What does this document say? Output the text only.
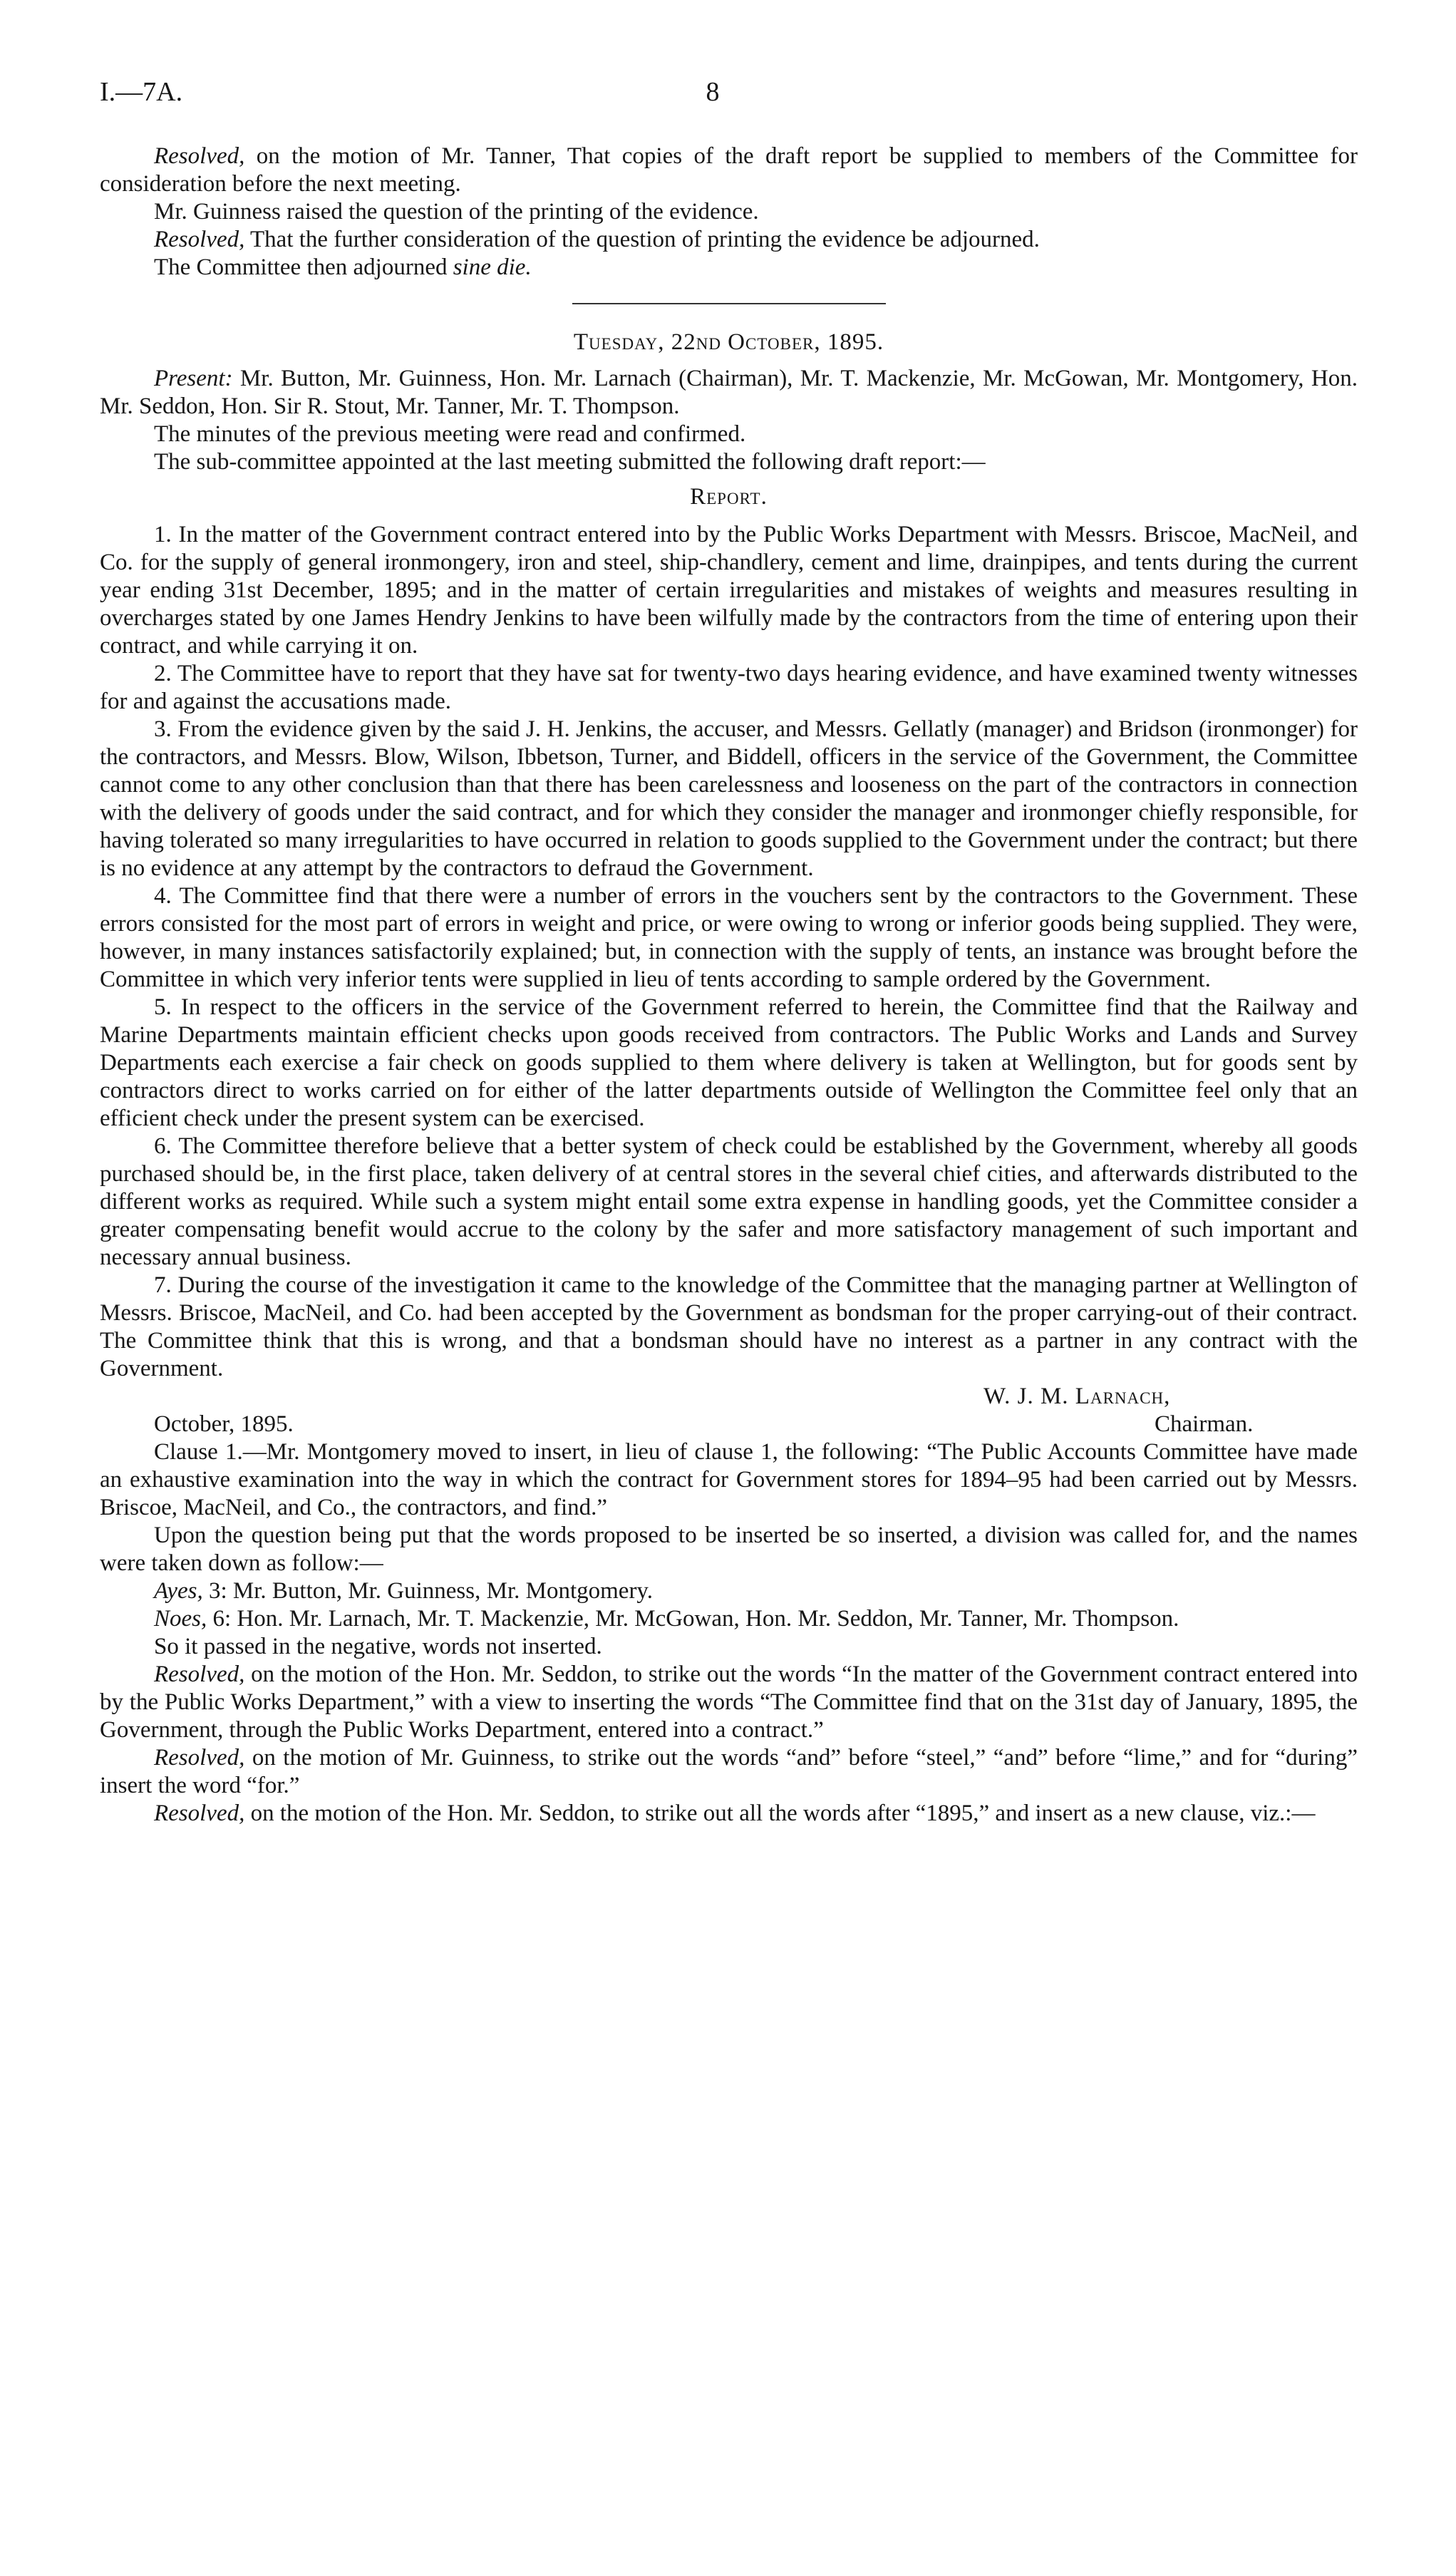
I.—7A.	8

Resolved, on the motion of Mr. Tanner, That copies of the draft report be supplied to members of the Committee for consideration before the next meeting.

Mr. Guinness raised the question of the printing of the evidence.

Resolved, That the further consideration of the question of printing the evidence be adjourned.

The Committee then adjourned sine die.

Tuesday, 22nd October, 1895.

Present: Mr. Button, Mr. Guinness, Hon. Mr. Larnach (Chairman), Mr. T. Mackenzie, Mr. McGowan, Mr. Montgomery, Hon. Mr. Seddon, Hon. Sir R. Stout, Mr. Tanner, Mr. T. Thompson.

The minutes of the previous meeting were read and confirmed.

The sub-committee appointed at the last meeting submitted the following draft report:—

Report.

1. In the matter of the Government contract entered into by the Public Works Department with Messrs. Briscoe, MacNeil, and Co. for the supply of general ironmongery, iron and steel, ship-chandlery, cement and lime, drainpipes, and tents during the current year ending 31st December, 1895; and in the matter of certain irregularities and mistakes of weights and measures resulting in overcharges stated by one James Hendry Jenkins to have been wilfully made by the contractors from the time of entering upon their contract, and while carrying it on.

2. The Committee have to report that they have sat for twenty-two days hearing evidence, and have examined twenty witnesses for and against the accusations made.

3. From the evidence given by the said J. H. Jenkins, the accuser, and Messrs. Gellatly (manager) and Bridson (ironmonger) for the contractors, and Messrs. Blow, Wilson, Ibbetson, Turner, and Biddell, officers in the service of the Government, the Committee cannot come to any other conclusion than that there has been carelessness and looseness on the part of the contractors in connection with the delivery of goods under the said contract, and for which they consider the manager and ironmonger chiefly responsible, for having tolerated so many irregularities to have occurred in relation to goods supplied to the Government under the contract; but there is no evidence at any attempt by the contractors to defraud the Government.

4. The Committee find that there were a number of errors in the vouchers sent by the contractors to the Government. These errors consisted for the most part of errors in weight and price, or were owing to wrong or inferior goods being supplied. They were, however, in many instances satisfactorily explained; but, in connection with the supply of tents, an instance was brought before the Committee in which very inferior tents were supplied in lieu of tents according to sample ordered by the Government.

5. In respect to the officers in the service of the Government referred to herein, the Committee find that the Railway and Marine Departments maintain efficient checks upon goods received from contractors. The Public Works and Lands and Survey Departments each exercise a fair check on goods supplied to them where delivery is taken at Wellington, but for goods sent by contractors direct to works carried on for either of the latter departments outside of Wellington the Committee feel only that an efficient check under the present system can be exercised.

6. The Committee therefore believe that a better system of check could be established by the Government, whereby all goods purchased should be, in the first place, taken delivery of at central stores in the several chief cities, and afterwards distributed to the different works as required. While such a system might entail some extra expense in handling goods, yet the Committee consider a greater compensating benefit would accrue to the colony by the safer and more satisfactory management of such important and necessary annual business.

7. During the course of the investigation it came to the knowledge of the Committee that the managing partner at Wellington of Messrs. Briscoe, MacNeil, and Co. had been accepted by the Government as bondsman for the proper carrying-out of their contract. The Committee think that this is wrong, and that a bondsman should have no interest as a partner in any contract with the Government.

W. J. M. Larnach,
Chairman.
October, 1895.

Clause 1.—Mr. Montgomery moved to insert, in lieu of clause 1, the following: “The Public Accounts Committee have made an exhaustive examination into the way in which the contract for Government stores for 1894–95 had been carried out by Messrs. Briscoe, MacNeil, and Co., the contractors, and find.”

Upon the question being put that the words proposed to be inserted be so inserted, a division was called for, and the names were taken down as follow:—

Ayes, 3: Mr. Button, Mr. Guinness, Mr. Montgomery.

Noes, 6: Hon. Mr. Larnach, Mr. T. Mackenzie, Mr. McGowan, Hon. Mr. Seddon, Mr. Tanner, Mr. Thompson.

So it passed in the negative, words not inserted.

Resolved, on the motion of the Hon. Mr. Seddon, to strike out the words “In the matter of the Government contract entered into by the Public Works Department,” with a view to inserting the words “The Committee find that on the 31st day of January, 1895, the Government, through the Public Works Department, entered into a contract.”

Resolved, on the motion of Mr. Guinness, to strike out the words “and” before “steel,” “and” before “lime,” and for “during” insert the word “for.”

Resolved, on the motion of the Hon. Mr. Seddon, to strike out all the words after “1895,” and insert as a new clause, viz.:—
